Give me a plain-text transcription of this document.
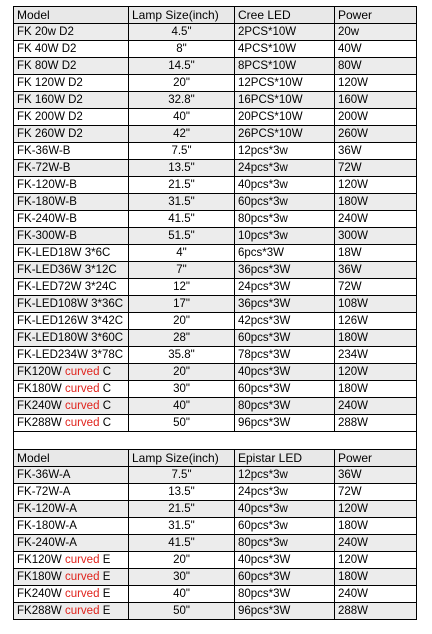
Model	Lamp Size(inch)	Cree LED	Power
FK 20w D2	4.5"	2PCS*10W	20w
FK 40W D2	8"	4PCS*10W	40W
FK 80W D2	14.5"	8PCS*10W	80W
FK 120W D2	20"	12PCS*10W	120W
FK 160W D2	32.8"	16PCS*10W	160W
FK 200W D2	40"	20PCS*10W	200W
FK 260W D2	42"	26PCS*10W	260W
FK-36W-B	7.5"	12pcs*3w	36W
FK-72W-B	13.5"	24pcs*3w	72W
FK-120W-B	21.5"	40pcs*3w	120W
FK-180W-B	31.5"	60pcs*3w	180W
FK-240W-B	41.5"	80pcs*3w	240W
FK-300W-B	51.5"	10pcs*3w	300W
FK-LED18W 3*6C	4"	6pcs*3W	18W
FK-LED36W 3*12C	7"	36pcs*3W	36W
FK-LED72W 3*24C	12"	24pcs*3W	72W
FK-LED108W 3*36C	17"	36pcs*3W	108W
FK-LED126W 3*42C	20"	42pcs*3W	126W
FK-LED180W 3*60C	28"	60pcs*3W	180W
FK-LED234W 3*78C	35.8"	78pcs*3W	234W
FK120W curved C	20"	40pcs*3W	120W
FK180W curved C	30"	60pcs*3W	180W
FK240W curved C	40"	80pcs*3W	240W
FK288W curved C	50"	96pcs*3W	288W

Model	Lamp Size(inch)	Epistar LED	Power
FK-36W-A	7.5"	12pcs*3w	36W
FK-72W-A	13.5"	24pcs*3w	72W
FK-120W-A	21.5"	40pcs*3w	120W
FK-180W-A	31.5"	60pcs*3w	180W
FK-240W-A	41.5"	80pcs*3w	240W
FK120W curved E	20"	40pcs*3W	120W
FK180W curved E	30"	60pcs*3W	180W
FK240W curved E	40"	80pcs*3W	240W
FK288W curved E	50"	96pcs*3W	288W
